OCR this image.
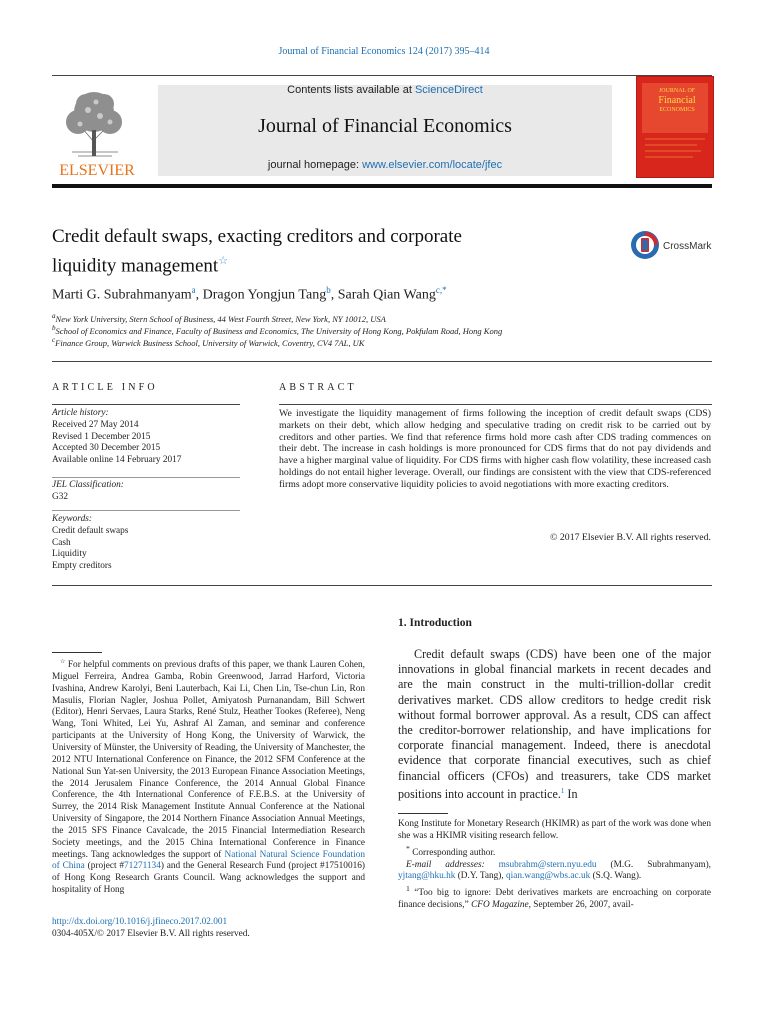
Journal of Financial Economics 124 (2017) 395–414
ELSEVIER
Contents lists available at ScienceDirect
Journal of Financial Economics
journal homepage: www.elsevier.com/locate/jfec
JOURNAL OF
Financial
ECONOMICS
Credit default swaps, exacting creditors and corporate
liquidity management☆
CrossMark
Marti G. Subrahmanyam$^a$, Dragon Yongjun Tang$^b$, Sarah Qian Wang$^{c,*}$
$^a$New York University, Stern School of Business, 44 West Fourth Street, New York, NY 10012, USA
$^b$School of Economics and Finance, Faculty of Business and Economics, The University of Hong Kong, Pokfulam Road, Hong Kong
$^c$Finance Group, Warwick Business School, University of Warwick, Coventry, CV4 7AL, UK
ARTICLE INFO	ABSTRACT
Article history:
Received 27 May 2014
Revised 1 December 2015
Accepted 30 December 2015
Available online 14 February 2017
JEL Classification:
G32
Keywords:
Credit default swaps
Cash
Liquidity
Empty creditors
We investigate the liquidity management of firms following the inception of credit default swaps (CDS) markets on their debt, which allow hedging and speculative trading on credit risk to be carried out by creditors and other parties. We find that reference firms hold more cash after CDS trading commences on their debt. The increase in cash holdings is more pronounced for CDS firms that do not pay dividends and have a higher marginal value of liquidity. For CDS firms with higher cash flow volatility, these increased cash holdings do not entail higher leverage. Overall, our findings are consistent with the view that CDS-referenced firms adopt more conservative liquidity policies to avoid negotiations with more exacting creditors.
© 2017 Elsevier B.V. All rights reserved.
1. Introduction

Credit default swaps (CDS) have been one of the major innovations in global financial markets in recent decades and are the main construct in the multi-trillion-dollar credit derivatives market. CDS allow creditors to hedge credit risk without formal borrower approval. As a result, CDS can affect the creditor-borrower relationship, and have implications for corporate financial management. Indeed, there is anecdotal evidence that corporate financial executives, such as chief financial officers (CFOs) and treasurers, take CDS market positions into account in practice.$^1$ In

☆ For helpful comments on previous drafts of this paper, we thank Lauren Cohen, Miguel Ferreira, Andrea Gamba, Robin Greenwood, Jarrad Harford, Victoria Ivashina, Andrew Karolyi, Beni Lauterbach, Kai Li, Chen Lin, Tse-chun Lin, Ron Masulis, Florian Nagler, Joshua Pollet, Amiyatosh Purnanandam, Bill Schwert (Editor), Henri Servaes, Laura Starks, René Stulz, Heather Tookes (Referee), Neng Wang, Toni Whited, Lei Yu, Ashraf Al Zaman, and seminar and conference participants at the University of Hong Kong, the University of Warwick, the University of Münster, the University of Reading, the University of Manchester, the 2012 NTU International Conference on Finance, the 2012 SFM Conference at the National Sun Yat-sen University, the 2013 European Finance Association Meetings, the 2014 Jerusalem Finance Conference, the 2014 Annual Global Finance Conference, the 4th International Conference of F.E.B.S. at the University of Surrey, the 2014 Risk Management Institute Annual Conference at the National University of Singapore, the 2014 Northern Finance Association Annual Meetings, the 2015 SFS Finance Cavalcade, the 2015 Financial Intermediation Research Society meetings, and the 2015 China International Conference in Finance meetings. Tang acknowledges the support of National Natural Science Foundation of China (project #71271134) and the General Research Fund (project #17510016) of Hong Kong Research Grants Council. Wang acknowledges the support and hospitality of Hong

Kong Institute for Monetary Research (HKIMR) as part of the work was done when she was a HKIMR visiting research fellow.

* Corresponding author.

E-mail addresses: msubrahm@stern.nyu.edu (M.G. Subrahmanyam), yjtang@hku.hk (D.Y. Tang), qian.wang@wbs.ac.uk (S.Q. Wang).

$^1$ “Too big to ignore: Debt derivatives markets are encroaching on corporate finance decisions,” CFO Magazine, September 26, 2007, avail-

http://dx.doi.org/10.1016/j.jfineco.2017.02.001
0304-405X/© 2017 Elsevier B.V. All rights reserved.
